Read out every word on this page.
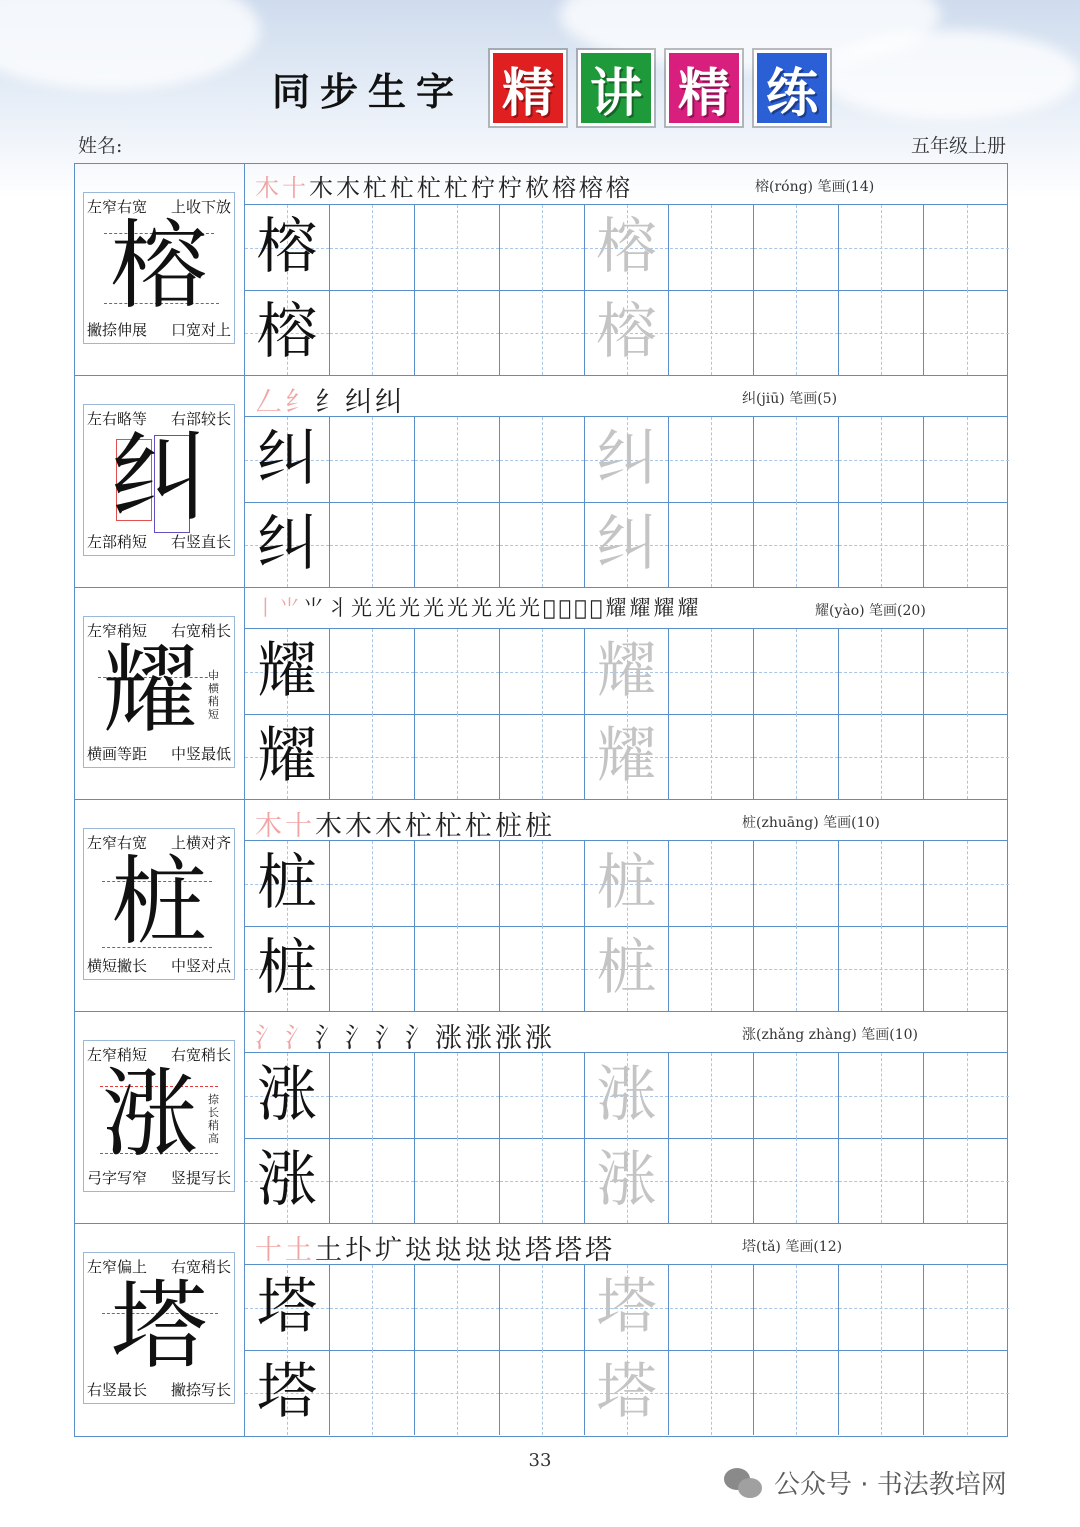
同步生字 精 讲 精 练
姓名:	五年级上册
左窄右宽 上收下放
撇捺伸展 口宽对上
榕
木十木木杧杧杧杧柠柠栨榕榕榕	榕(róng) 笔画(14)
榕	榕
榕	榕
左右略等 右部较长
左部稍短 右竖直长
纠
𠃋纟纟纠纠	纠(jiū) 笔画(5)
纠	纠
纠	纠
左窄稍短 右宽稍长
横画等距 中竖最低
耀 中横稍短
丨⺌⺌丬光光光光光光光光𦏲𦏲𦏲𦏲耀耀耀耀	耀(yào) 笔画(20)
耀	耀
耀	耀
左窄右宽 上横对齐
横短撇长 中竖对点
桩
木十木木木杧杧杧桩桩	桩(zhuāng) 笔画(10)
桩	桩
桩	桩
左窄稍短 右宽稍长
弓字写窄 竖提写长
涨 捺长稍高
氵氵氵氵氵氵涨涨涨涨	涨(zhǎng zhàng) 笔画(10)
涨	涨
涨	涨
左窄偏上 右宽稍长
右竖最长 撇捺写长
塔
十土土圤圹垯垯垯垯塔塔塔	塔(tǎ) 笔画(12)
塔	塔
塔	塔
33
公众号 · 书法教培网
